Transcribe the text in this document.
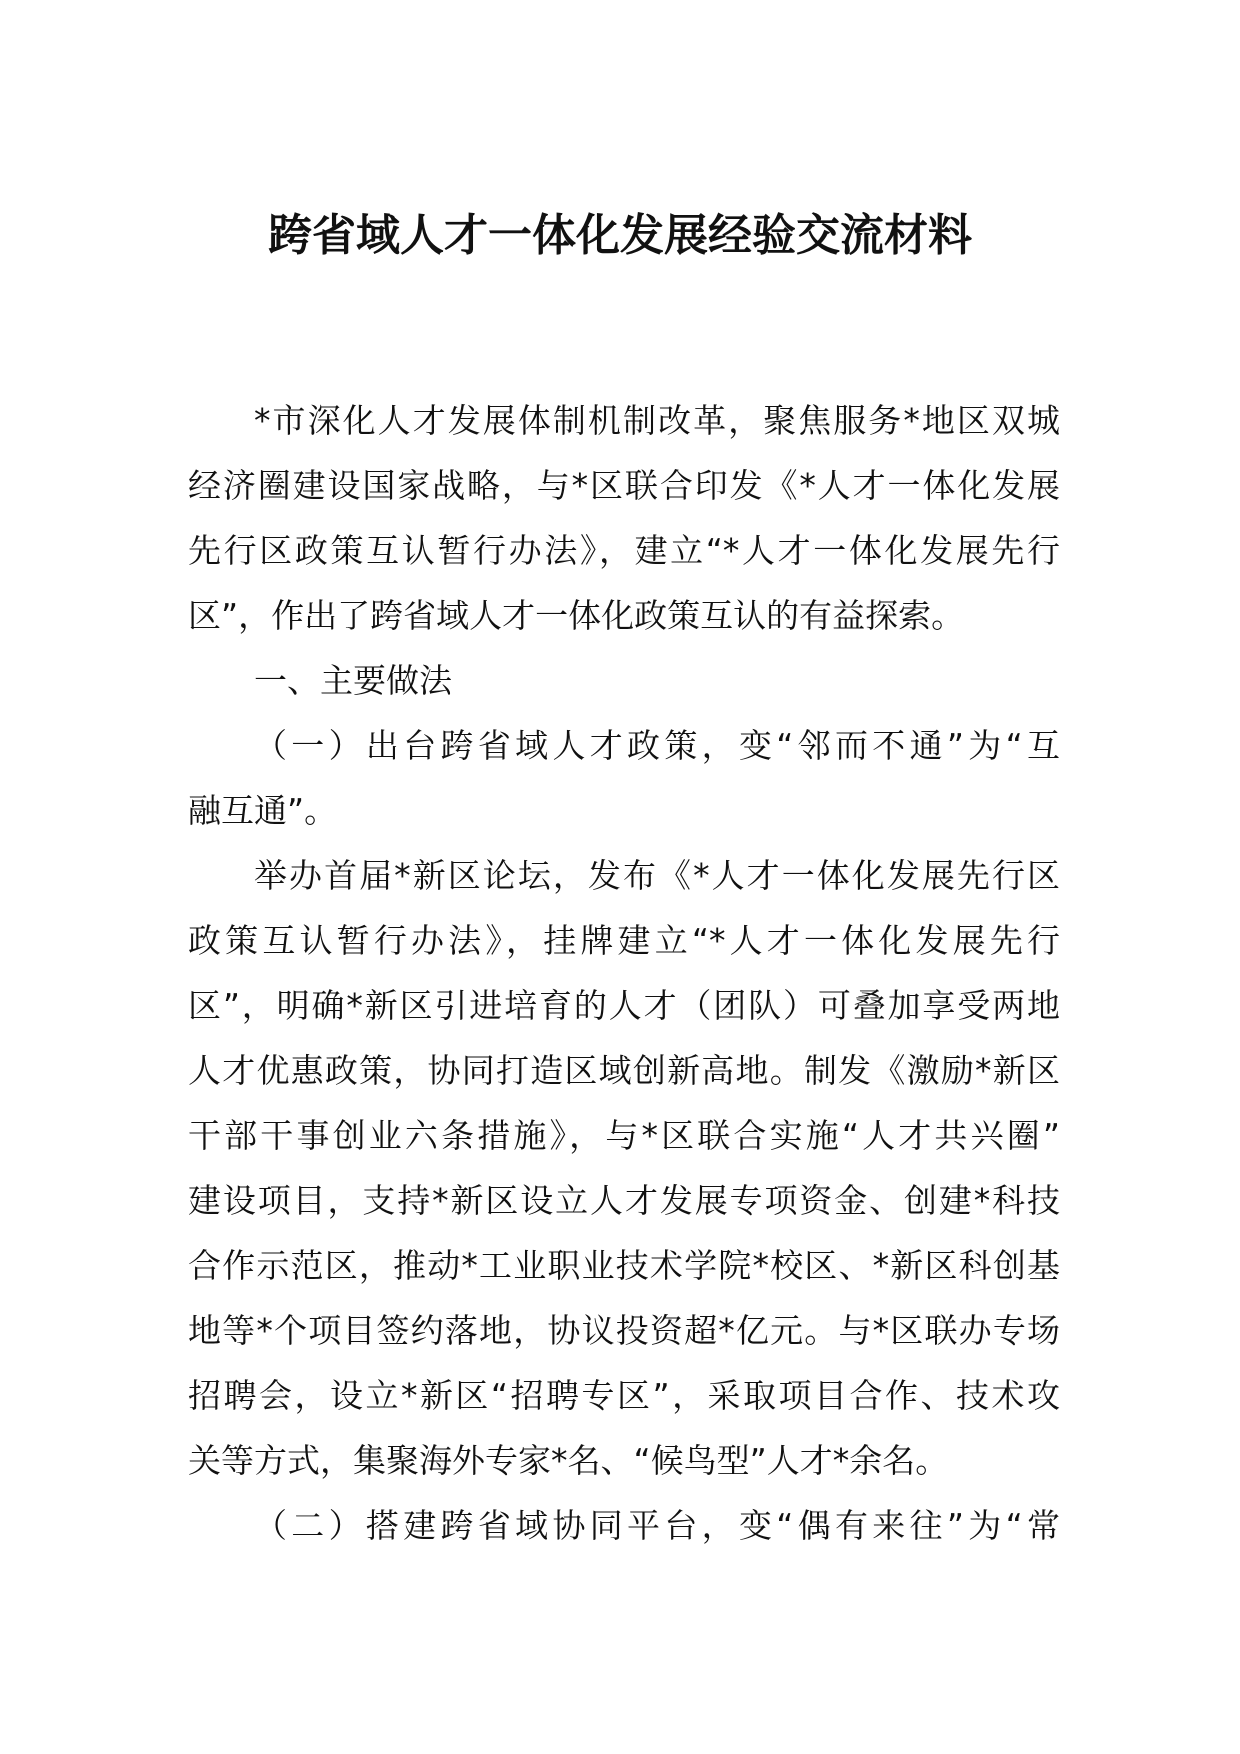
跨省域人才一体化发展经验交流材料
*市深化人才发展体制机制改革，聚焦服务*地区双城
经济圈建设国家战略，与*区联合印发《*人才一体化发展
先行区政策互认暂行办法》，建立“*人才一体化发展先行
区”，作出了跨省域人才一体化政策互认的有益探索。
一、主要做法
（一）出台跨省域人才政策，变“邻而不通”为“互
融互通”。
举办首届*新区论坛，发布《*人才一体化发展先行区
政策互认暂行办法》，挂牌建立“*人才一体化发展先行
区”，明确*新区引进培育的人才（团队）可叠加享受两地
人才优惠政策，协同打造区域创新高地。制发《激励*新区
干部干事创业六条措施》，与*区联合实施“人才共兴圈”
建设项目，支持*新区设立人才发展专项资金、创建*科技
合作示范区，推动*工业职业技术学院*校区、*新区科创基
地等*个项目签约落地，协议投资超*亿元。与*区联办专场
招聘会，设立*新区“招聘专区”，采取项目合作、技术攻
关等方式，集聚海外专家*名、“候鸟型”人才*余名。
（二）搭建跨省域协同平台，变“偶有来往”为“常
